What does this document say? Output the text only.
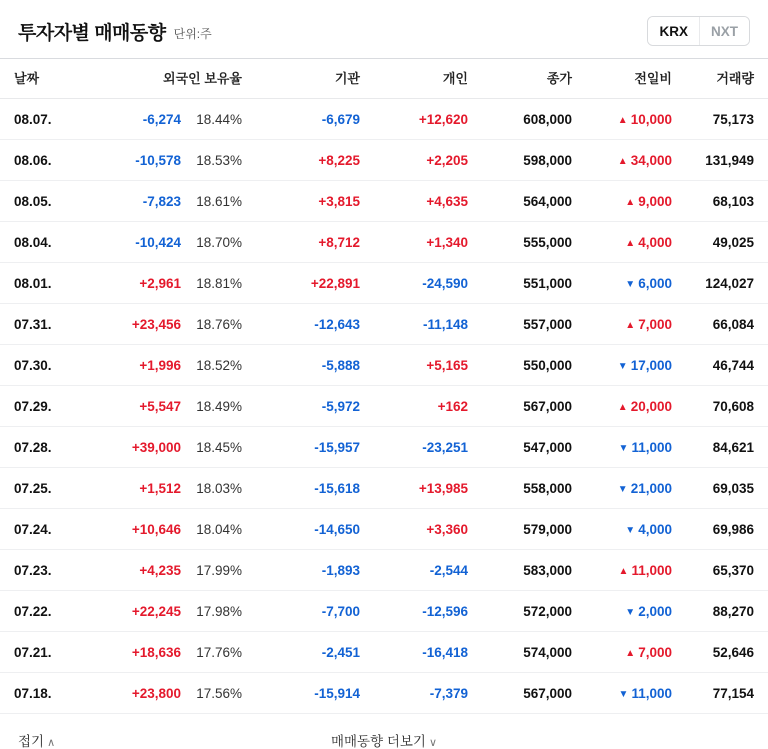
투자자별 매매동향 단위:주	KRX	NXT
날짜	외국인 보유율	기관	개인	종가	전일비	거래량
08.07.	-6,274 18.44%	-6,679	+12,620	608,000	▲ 10,000	75,173
08.06.	-10,578 18.53%	+8,225	+2,205	598,000	▲ 34,000	131,949
08.05.	-7,823 18.61%	+3,815	+4,635	564,000	▲ 9,000	68,103
08.04.	-10,424 18.70%	+8,712	+1,340	555,000	▲ 4,000	49,025
08.01.	+2,961 18.81%	+22,891	-24,590	551,000	▼ 6,000	124,027
07.31.	+23,456 18.76%	-12,643	-11,148	557,000	▲ 7,000	66,084
07.30.	+1,996 18.52%	-5,888	+5,165	550,000	▼ 17,000	46,744
07.29.	+5,547 18.49%	-5,972	+162	567,000	▲ 20,000	70,608
07.28.	+39,000 18.45%	-15,957	-23,251	547,000	▼ 11,000	84,621
07.25.	+1,512 18.03%	-15,618	+13,985	558,000	▼ 21,000	69,035
07.24.	+10,646 18.04%	-14,650	+3,360	579,000	▼ 4,000	69,986
07.23.	+4,235 17.99%	-1,893	-2,544	583,000	▲ 11,000	65,370
07.22.	+22,245 17.98%	-7,700	-12,596	572,000	▼ 2,000	88,270
07.21.	+18,636 17.76%	-2,451	-16,418	574,000	▲ 7,000	52,646
07.18.	+23,800 17.56%	-15,914	-7,379	567,000	▼ 11,000	77,154
접기 ∧	매매동향 더보기 ∨
